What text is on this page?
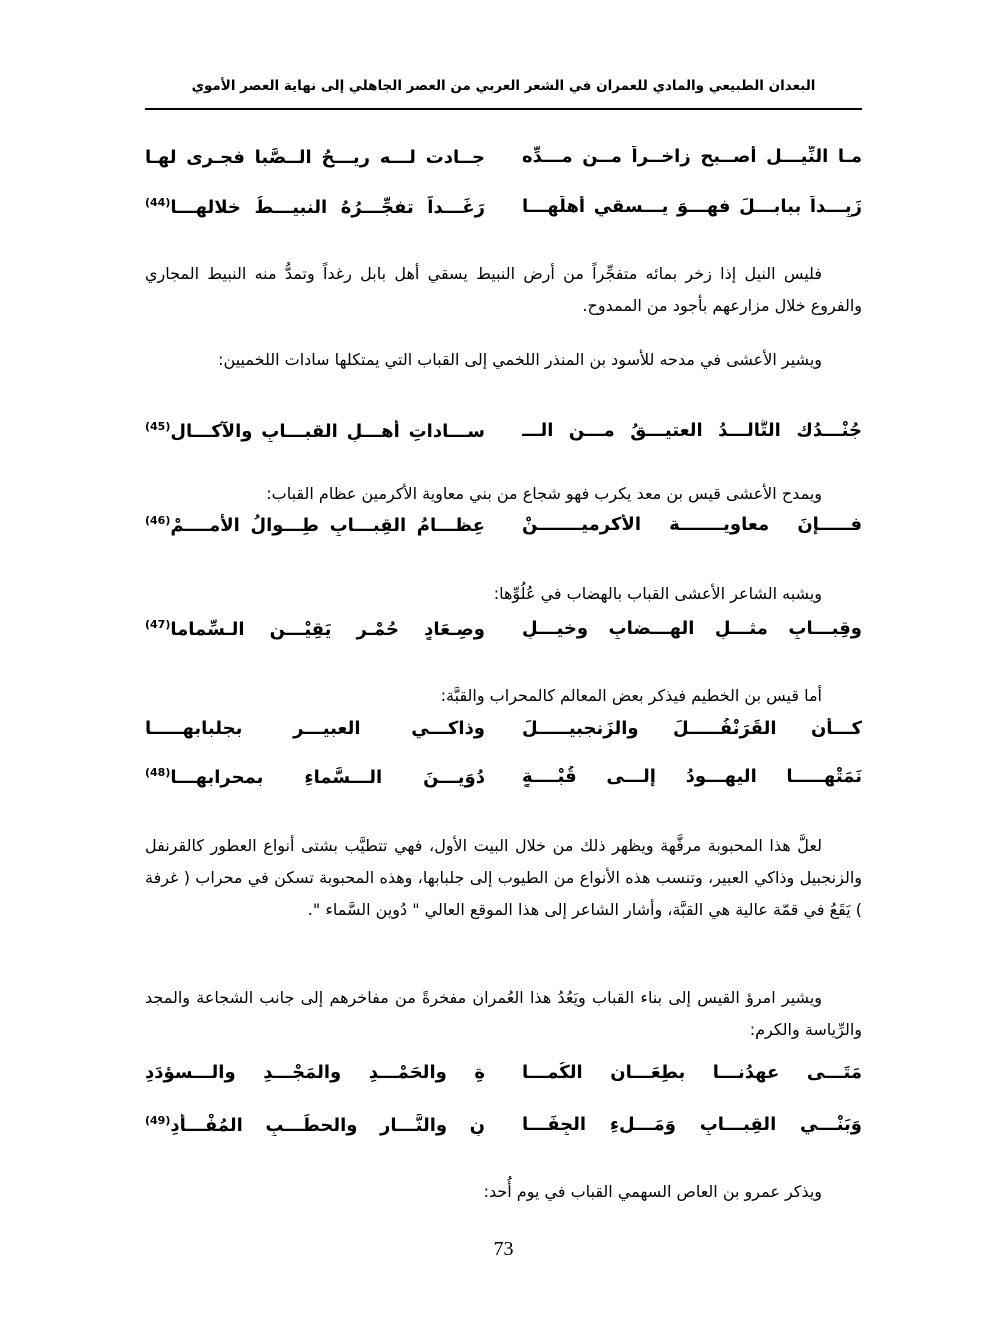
البعدان الطبيعي والمادي للعمران في الشعر العربي من العصر الجاهلي إلى نهاية العصر الأموي
مـا النِّيـــل أصــبح زاخــراً مــن مـــدِّه
جــادت لـــه ريـــحُ الــصَّبا فجـرى لهـا
زَبِـــداً ببابـــلَ فهـــوَ يـــسقي أهلَهـــا
رَغَـــداً تفجِّـــرُهُ النبيـــطُ خلالهـــا$^{(44)}$
فليس النيل إذا زخر بمائه متفجِّراً من أرض النبيط يسقي أهل بابل رغداً وتمدُّ منه النبيط المجاري والفروع خلال مزارعهم بأجود من الممدوح.
ويشير الأعشى في مدحه للأسود بن المنذر اللخمي إلى القباب التي يمتكلها سادات اللخميين:
جُنْـــدُك التَّالـــدُ العتيـــقُ مـــن الـــ
ســـاداتِ أهـــلِ القبـــابِ والآكـــال$^{(45)}$
ويمدح الأعشى قيس بن معد يكرب فهو شجاع من بني معاوية الأكرمين عظام القباب:
فـــــإنَ معاويـــــــة الأكرميـــــــنْ
عِظـــامُ القِبـــابِ طِـــوالُ الأُمــــمْ$^{(46)}$
ويشبه الشاعر الأعشى القباب بالهضاب في عُلُوِّها:
وقِبـــابٍ مثـــلِ الهـــضابِ وخيـــلٍ
وصِـعَادٍ حُمْـرٍ يَقِيْـــن الـسِّماما$^{(47)}$
أما قيس بن الخطيم فيذكر بعض المعالم كالمحراب والقبَّة:
كـــأن القَرَنْفُـــــلَ والزَنجبيـــــلَ
وذاكـــي العبيـــر بجلبابهـــــا
نَمَتْهـــــا اليهـــودُ إلـــى قُبْــــةٍ
دُوَيـــنَ الـــسَّماءِ بمحرابهـــا$^{(48)}$
لعلَّ هذا المحبوبة مرفَّهة ويظهر ذلك من خلال البيت الأول، فهي تتطيَّب بشتى أنواع العطور كالقرنفل والزنجبيل وذاكي العبير، وتنسب هذه الأنواع من الطيوب إلى جلبابها، وهذه المحبوبة تسكن في محراب ( غرفة ) يَقَعُ في قمّة عالية هي القبَّة، وأشار الشاعر إلى هذا الموقع العالي " دُوين السَّماء ".
ويشير امرؤ القيس إلى بناء القباب ويَعُدُ هذا العُمران مفخرةً من مفاخرهم إلى جانب الشجاعة والمجد والرِّياسة والكرم:
مَتَـــى عهدُنـــا بطِعَـــان الكُمـــا
ةِ والحَمْـــدِ والمَجْـــدِ والـــسؤدَدِ
وَبَنْـــي القِبـــابِ وَمَـــلءِ الجِفَـــا
نِ والنَّـــارِ والحطَـــبِ المُفْـــأدِ$^{(49)}$
ويذكر عمرو بن العاص السهمي القباب في يوم أُحد:
73
